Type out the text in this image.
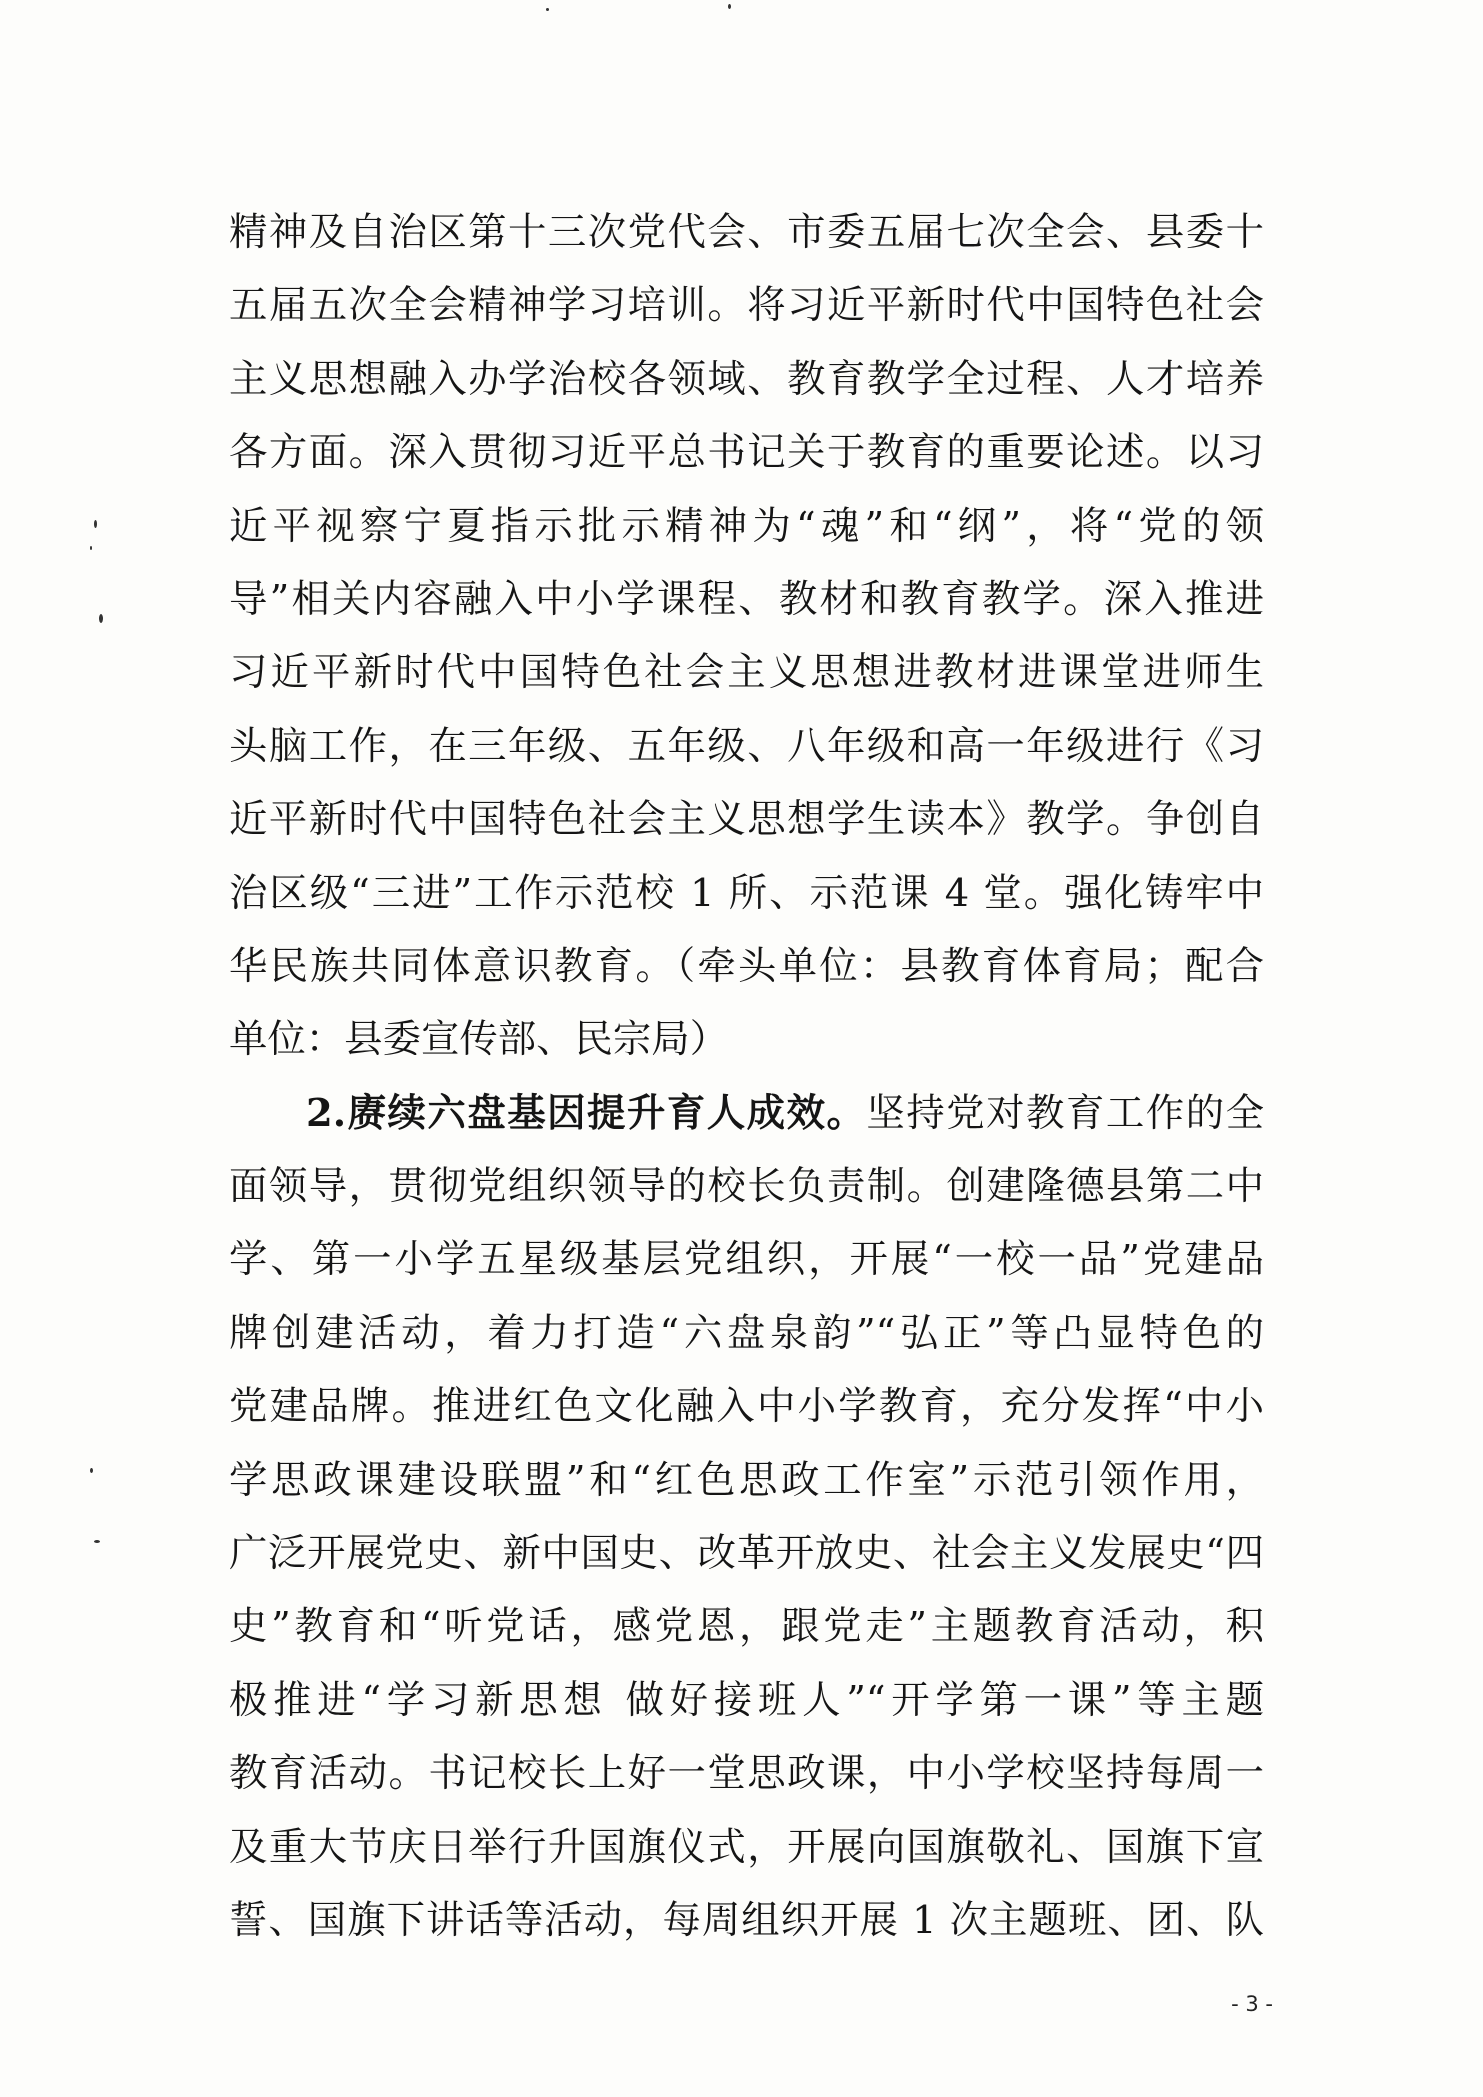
精神及自治区第十三次党代会、市委五届七次全会、县委十
五届五次全会精神学习培训。将习近平新时代中国特色社会
主义思想融入办学治校各领域、教育教学全过程、人才培养
各方面。深入贯彻习近平总书记关于教育的重要论述。以习
近平视察宁夏指示批示精神为“魂”和“纲”，将“党的领
导”相关内容融入中小学课程、教材和教育教学。深入推进
习近平新时代中国特色社会主义思想进教材进课堂进师生
头脑工作，在三年级、五年级、八年级和高一年级进行《习
近平新时代中国特色社会主义思想学生读本》教学。争创自
治区级“三进”工作示范校 1 所、示范课 4 堂。强化铸牢中
华民族共同体意识教育。（牵头单位：县教育体育局；配合
单位：县委宣传部、民宗局）
2.赓续六盘基因提升育人成效。坚持党对教育工作的全
面领导，贯彻党组织领导的校长负责制。创建隆德县第二中
学、第一小学五星级基层党组织，开展“一校一品”党建品
牌创建活动，着力打造“六盘泉韵”“弘正”等凸显特色的
党建品牌。推进红色文化融入中小学教育，充分发挥“中小
学思政课建设联盟”和“红色思政工作室”示范引领作用，
广泛开展党史、新中国史、改革开放史、社会主义发展史“四
史”教育和“听党话，感党恩，跟党走”主题教育活动，积
极推进“学习新思想 做好接班人”“开学第一课”等主题
教育活动。书记校长上好一堂思政课，中小学校坚持每周一
及重大节庆日举行升国旗仪式，开展向国旗敬礼、国旗下宣
誓、国旗下讲话等活动，每周组织开展 1 次主题班、团、队
- 3 -
